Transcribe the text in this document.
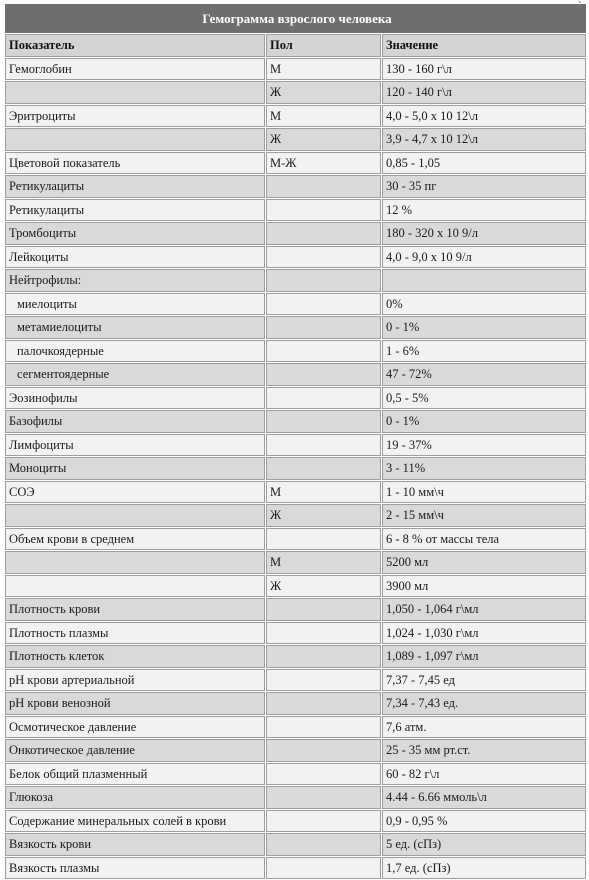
Гемограмма взрослого человека		
Показатель	Пол	Значение
Гемоглобин	М	130 - 160 г\л
	Ж	120 - 140 г\л
Эритроциты	М	4,0 - 5,0 х 10 12\л
	Ж	3,9 - 4,7 х 10 12\л
Цветовой показатель	М-Ж	0,85 - 1,05
Ретикулациты		30 - 35 пг
Ретикулациты		12 %
Тромбоциты		180 - 320 х 10 9/л
Лейкоциты		4,0 - 9,0 х 10 9/л
Нейтрофилы:		
миелоциты		0%
метамиелоциты		0 - 1%
палочкоядерные		1 - 6%
сегментоядерные		47 - 72%
Эозинофилы		0,5 - 5%
Базофилы		0 - 1%
Лимфоциты		19 - 37%
Моноциты		3 - 11%
СОЭ	М	1 - 10 мм\ч
	Ж	2 - 15 мм\ч
Объем крови в среднем		6 - 8 % от массы тела
	М	5200 мл
	Ж	3900 мл
Плотность крови		1,050 - 1,064 г\мл
Плотность плазмы		1,024 - 1,030 г\мл
Плотность клеток		1,089 - 1,097 г\мл
pH крови артериальной		7,37 - 7,45 ед
pH крови венозной		7,34 - 7,43 ед.
Осмотическое давление		7,6 атм.
Онкотическое давление		25 - 35 мм рт.ст.
Белок общий плазменный		60 - 82 г\л
Глюкоза		4.44 - 6.66 ммоль\л
Содержание минеральных солей в крови		0,9 - 0,95 %
Вязкость крови		5 ед. (сПз)
Вязкость плазмы		1,7 ед. (сПз)
